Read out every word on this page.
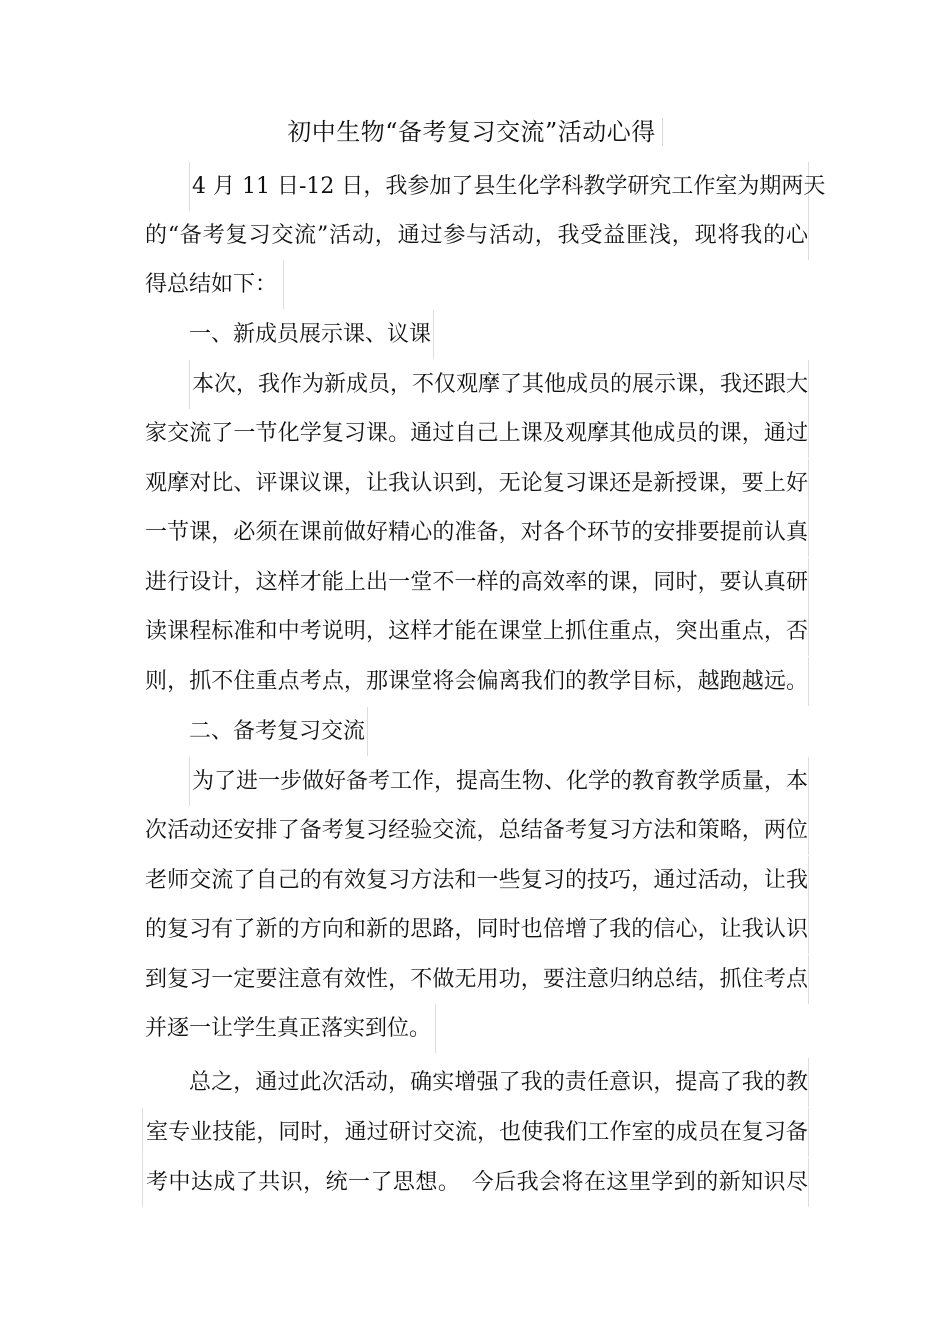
初中生物“备考复习交流”活动心得
4 月 11 日-12 日，我参加了县生化学科教学研究工作室为期两天
的“备考复习交流”活动，通过参与活动，我受益匪浅，现将我的心
得总结如下：
一、新成员展示课、议课
本次，我作为新成员，不仅观摩了其他成员的展示课，我还跟大
家交流了一节化学复习课。通过自己上课及观摩其他成员的课，通过
观摩对比、评课议课，让我认识到，无论复习课还是新授课，要上好
一节课，必须在课前做好精心的准备，对各个环节的安排要提前认真
进行设计，这样才能上出一堂不一样的高效率的课，同时，要认真研
读课程标准和中考说明，这样才能在课堂上抓住重点，突出重点，否
则，抓不住重点考点，那课堂将会偏离我们的教学目标，越跑越远。
二、备考复习交流
为了进一步做好备考工作，提高生物、化学的教育教学质量，本
次活动还安排了备考复习经验交流，总结备考复习方法和策略，两位
老师交流了自己的有效复习方法和一些复习的技巧，通过活动，让我
的复习有了新的方向和新的思路，同时也倍增了我的信心，让我认识
到复习一定要注意有效性，不做无用功，要注意归纳总结，抓住考点
并逐一让学生真正落实到位。
总之，通过此次活动，确实增强了我的责任意识，提高了我的教
室专业技能，同时，通过研讨交流，也使我们工作室的成员在复习备
考中达成了共识，统一了思想。　今后我会将在这里学到的新知识尽
